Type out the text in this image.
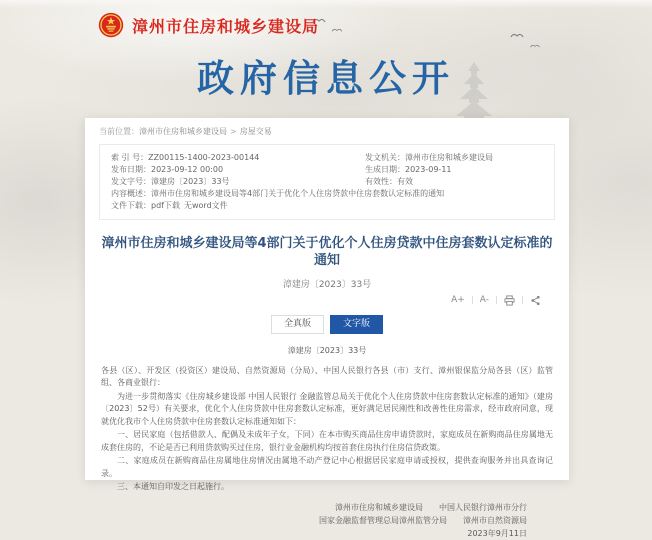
漳州市住房和城乡建设局
政府信息公开
当前位置：漳州市住房和城乡建设局 > 房屋交易
索 引 号：ZZ00115-1400-2023-00144	发文机关：漳州市住房和城乡建设局
发布日期：2023-09-12 00:00	生成日期：2023-09-11
发文字号：漳建房〔2023〕33号	有效性：有效
内容概述：漳州市住房和城乡建设局等4部门关于优化个人住房贷款中住房套数认定标准的通知
文件下载：pdf下载 无word文件
漳州市住房和城乡建设局等4部门关于优化个人住房贷款中住房套数认定标准的通知
漳建房〔2023〕33号
A+ A-
全真版	文字版
漳建房〔2023〕33号

各县（区）、开发区（投资区）建设局、自然资源局（分局）、中国人民银行各县（市）支行、漳州银保监分局各县（区）监管组、各商业银行：

为进一步贯彻落实《住房城乡建设部 中国人民银行 金融监管总局关于优化个人住房贷款中住房套数认定标准的通知》（建房〔2023〕52号）有关要求，优化个人住房贷款中住房套数认定标准，更好满足居民刚性和改善性住房需求，经市政府同意，现就优化我市个人住房贷款中住房套数认定标准通知如下：

一、居民家庭（包括借款人、配偶及未成年子女，下同）在本市购买商品住房申请贷款时，家庭成员在新购商品住房属地无成套住房的，不论是否已利用贷款购买过住房，银行业金融机构均按首套住房执行住房信贷政策。

二、家庭成员在新购商品住房属地住房情况由属地不动产登记中心根据居民家庭申请或授权，提供查询服务并出具查询记录。

三、本通知自印发之日起施行。

漳州市住房和城乡建设局　　中国人民银行漳州市分行
国家金融监督管理总局漳州监管分局　　漳州市自然资源局
2023年9月11日
